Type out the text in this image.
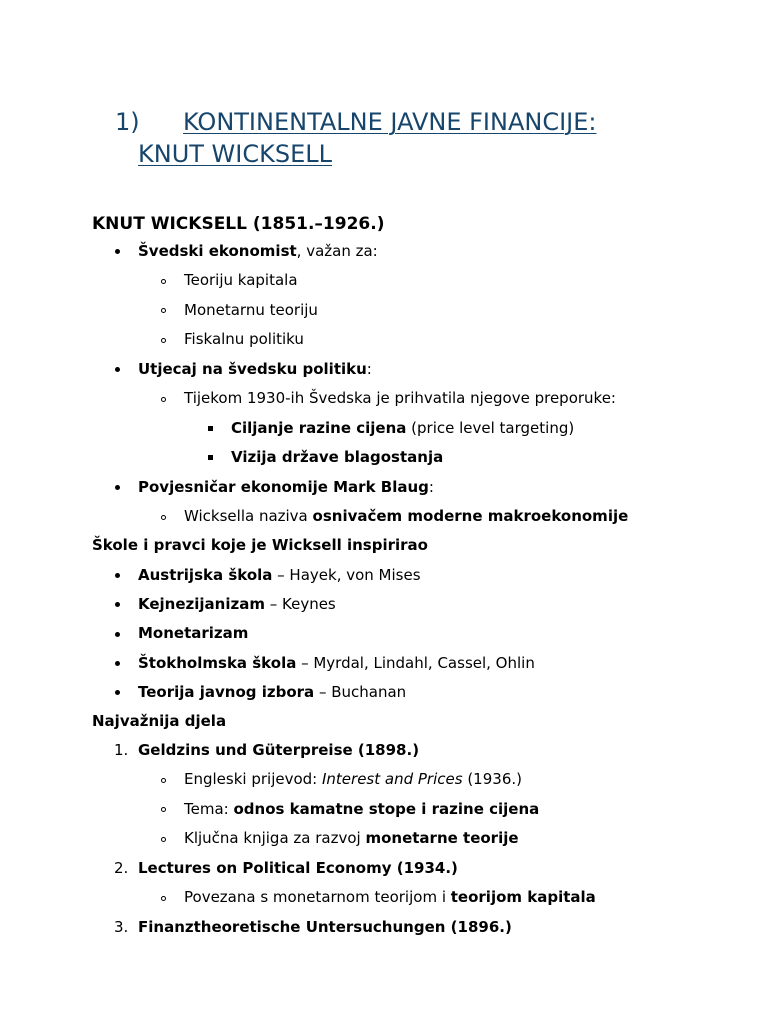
1) KONTINENTALNE JAVNE FINANCIJE:
KNUT WICKSELL
KNUT WICKSELL (1851.–1926.)
Švedski ekonomist, važan za:
Teoriju kapitala
Monetarnu teoriju
Fiskalnu politiku
Utjecaj na švedsku politiku:
Tijekom 1930-ih Švedska je prihvatila njegove preporuke:
Ciljanje razine cijena (price level targeting)
Vizija države blagostanja
Povjesničar ekonomije Mark Blaug:
Wicksella naziva osnivačem moderne makroekonomije
Škole i pravci koje je Wicksell inspirirao
Austrijska škola – Hayek, von Mises
Kejnezijanizam – Keynes
Monetarizam
Štokholmska škola – Myrdal, Lindahl, Cassel, Ohlin
Teorija javnog izbora – Buchanan
Najvažnija djela
1. Geldzins und Güterpreise (1898.)
Engleski prijevod: Interest and Prices (1936.)
Tema: odnos kamatne stope i razine cijena
Ključna knjiga za razvoj monetarne teorije
2. Lectures on Political Economy (1934.)
Povezana s monetarnom teorijom i teorijom kapitala
3. Finanztheoretische Untersuchungen (1896.)
